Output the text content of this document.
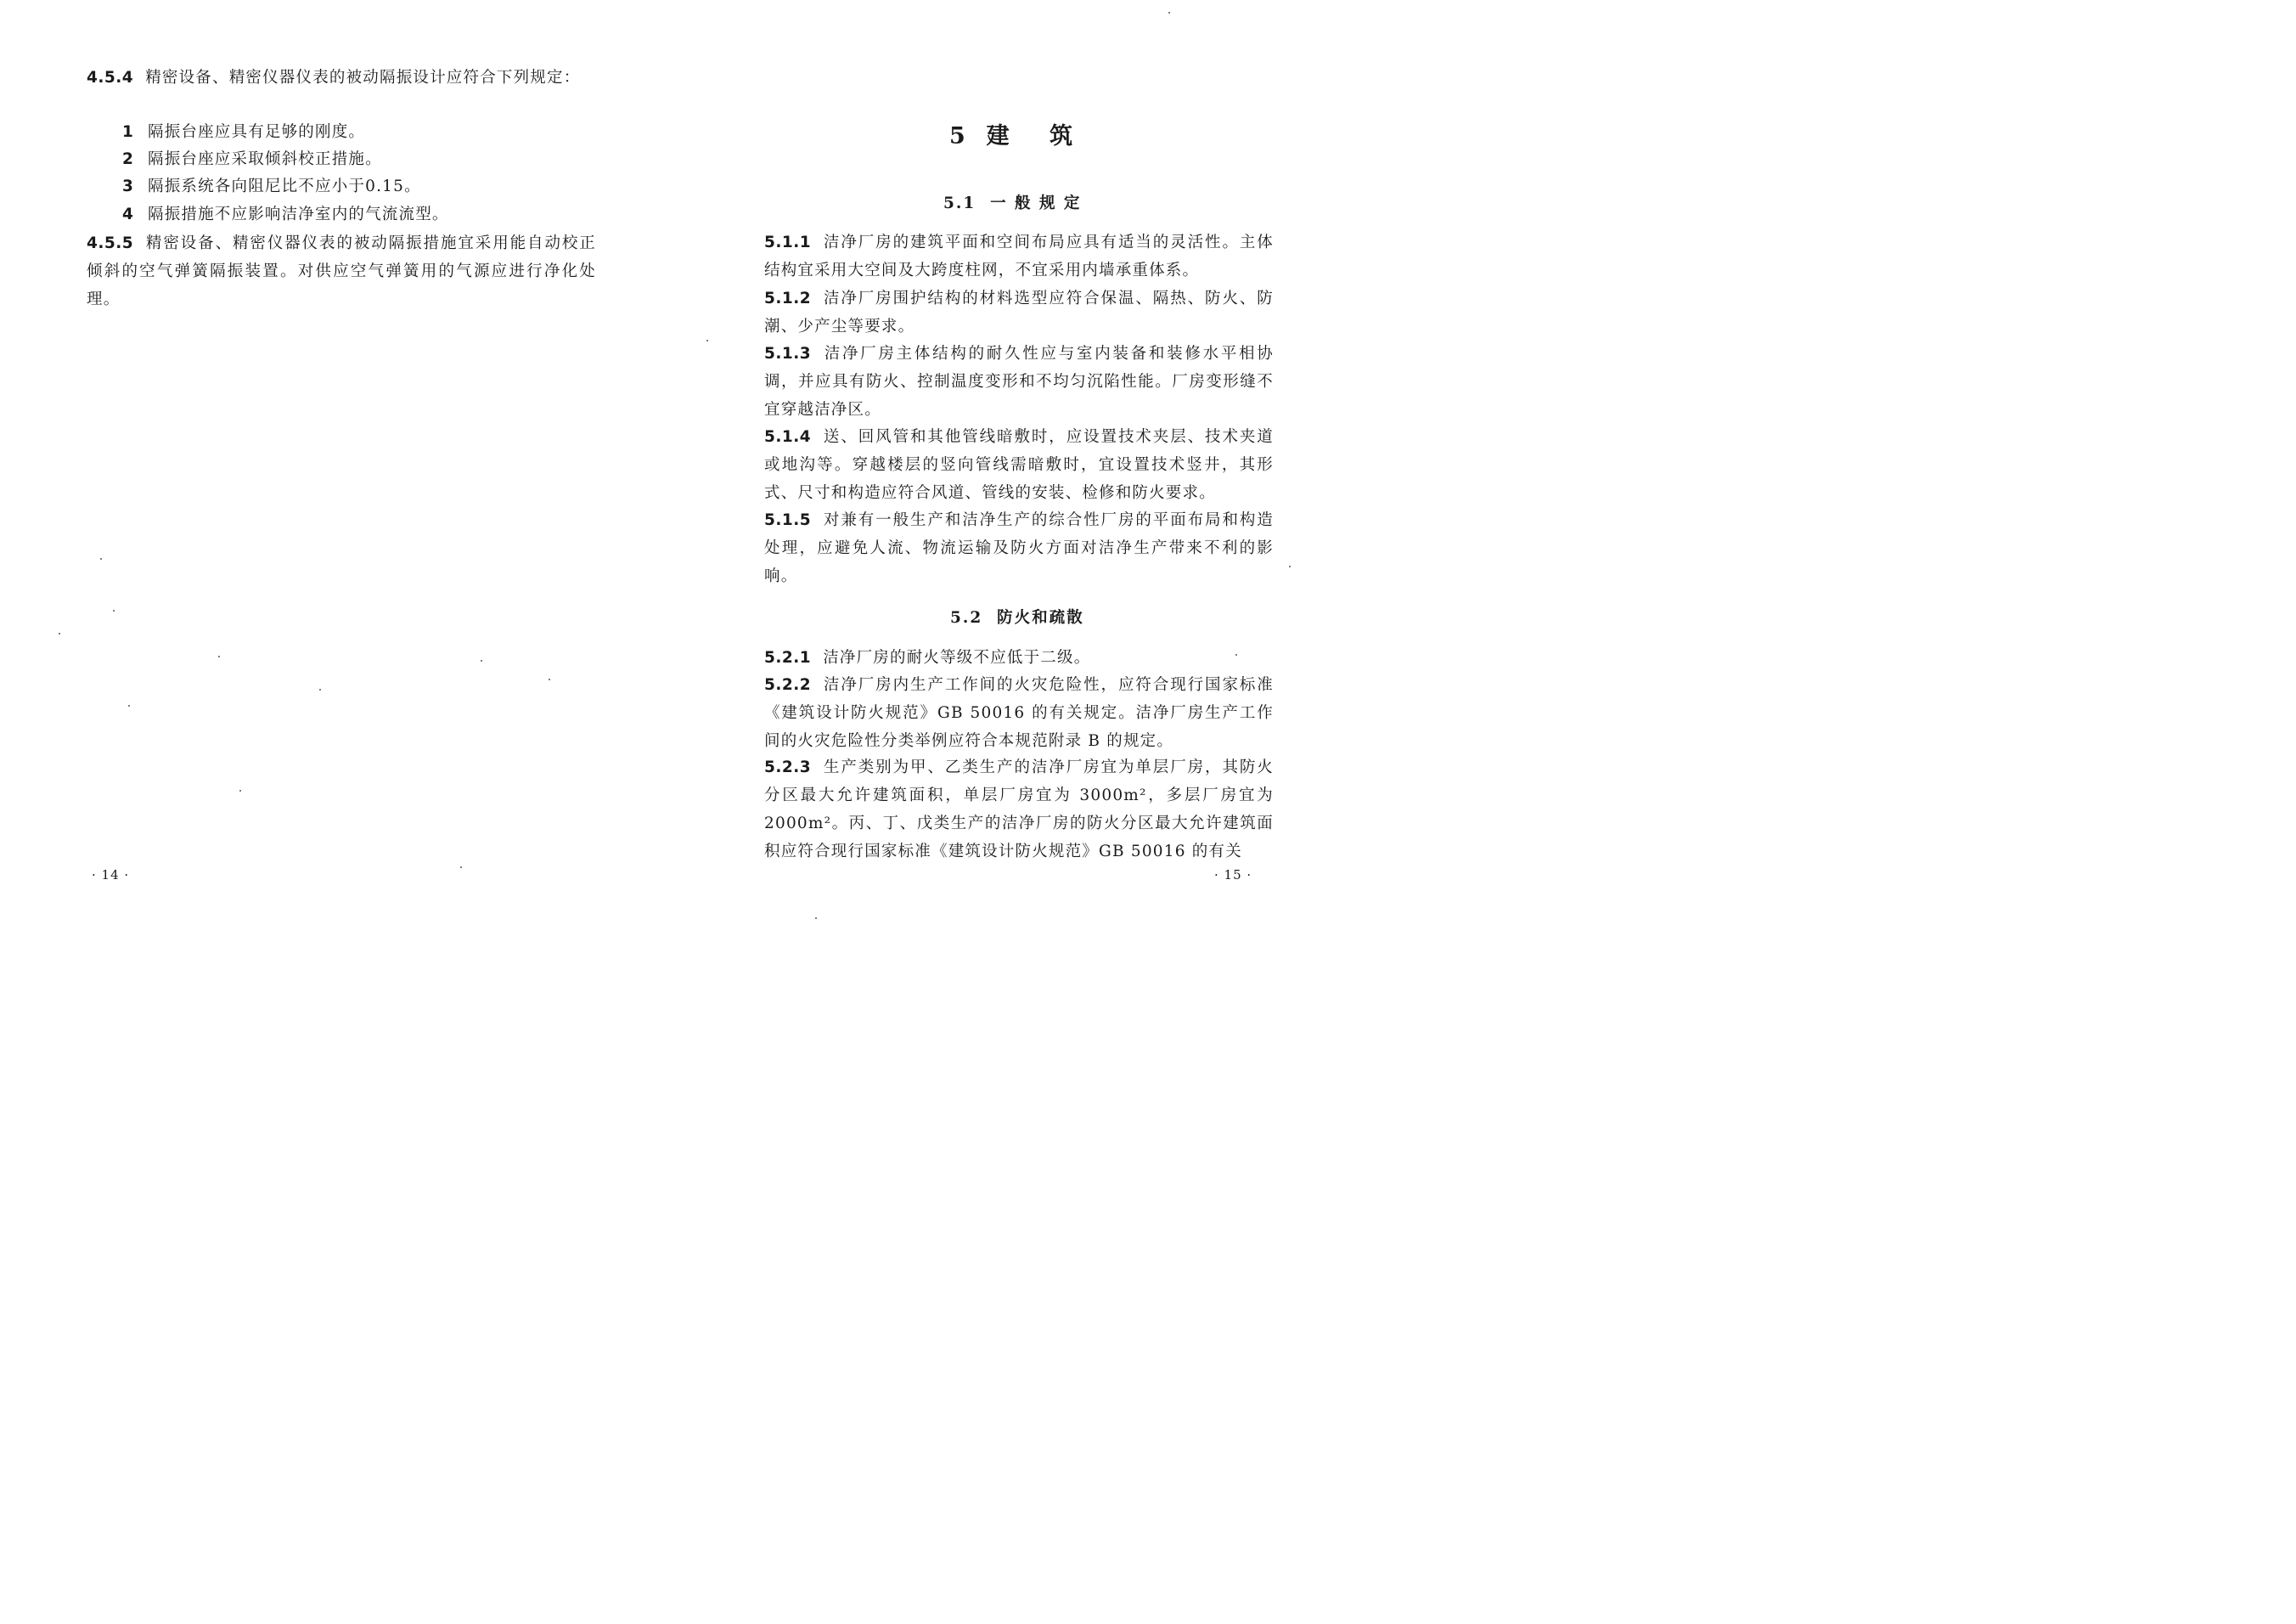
4.5.4 精密设备、精密仪器仪表的被动隔振设计应符合下列规定：
1 隔振台座应具有足够的刚度。
2 隔振台座应采取倾斜校正措施。
3 隔振系统各向阻尼比不应小于0.15。
4 隔振措施不应影响洁净室内的气流流型。
4.5.5 精密设备、精密仪器仪表的被动隔振措施宜采用能自动校正倾斜的空气弹簧隔振装置。对供应空气弹簧用的气源应进行净化处理。
· 14 ·
5  建    筑
5.1  一 般 规 定
5.1.1 洁净厂房的建筑平面和空间布局应具有适当的灵活性。主体结构宜采用大空间及大跨度柱网，不宜采用内墙承重体系。
5.1.2 洁净厂房围护结构的材料选型应符合保温、隔热、防火、防潮、少产尘等要求。
5.1.3 洁净厂房主体结构的耐久性应与室内装备和装修水平相协调，并应具有防火、控制温度变形和不均匀沉陷性能。厂房变形缝不宜穿越洁净区。
5.1.4 送、回风管和其他管线暗敷时，应设置技术夹层、技术夹道或地沟等。穿越楼层的竖向管线需暗敷时，宜设置技术竖井，其形式、尺寸和构造应符合风道、管线的安装、检修和防火要求。
5.1.5 对兼有一般生产和洁净生产的综合性厂房的平面布局和构造处理，应避免人流、物流运输及防火方面对洁净生产带来不利的影响。
5.2  防火和疏散
5.2.1 洁净厂房的耐火等级不应低于二级。
5.2.2 洁净厂房内生产工作间的火灾危险性，应符合现行国家标准《建筑设计防火规范》GB 50016 的有关规定。洁净厂房生产工作间的火灾危险性分类举例应符合本规范附录 B 的规定。
5.2.3 生产类别为甲、乙类生产的洁净厂房宜为单层厂房，其防火分区最大允许建筑面积，单层厂房宜为 3000m²，多层厂房宜为 2000m²。丙、丁、戊类生产的洁净厂房的防火分区最大允许建筑面积应符合现行国家标准《建筑设计防火规范》GB 50016 的有关
· 15 ·
